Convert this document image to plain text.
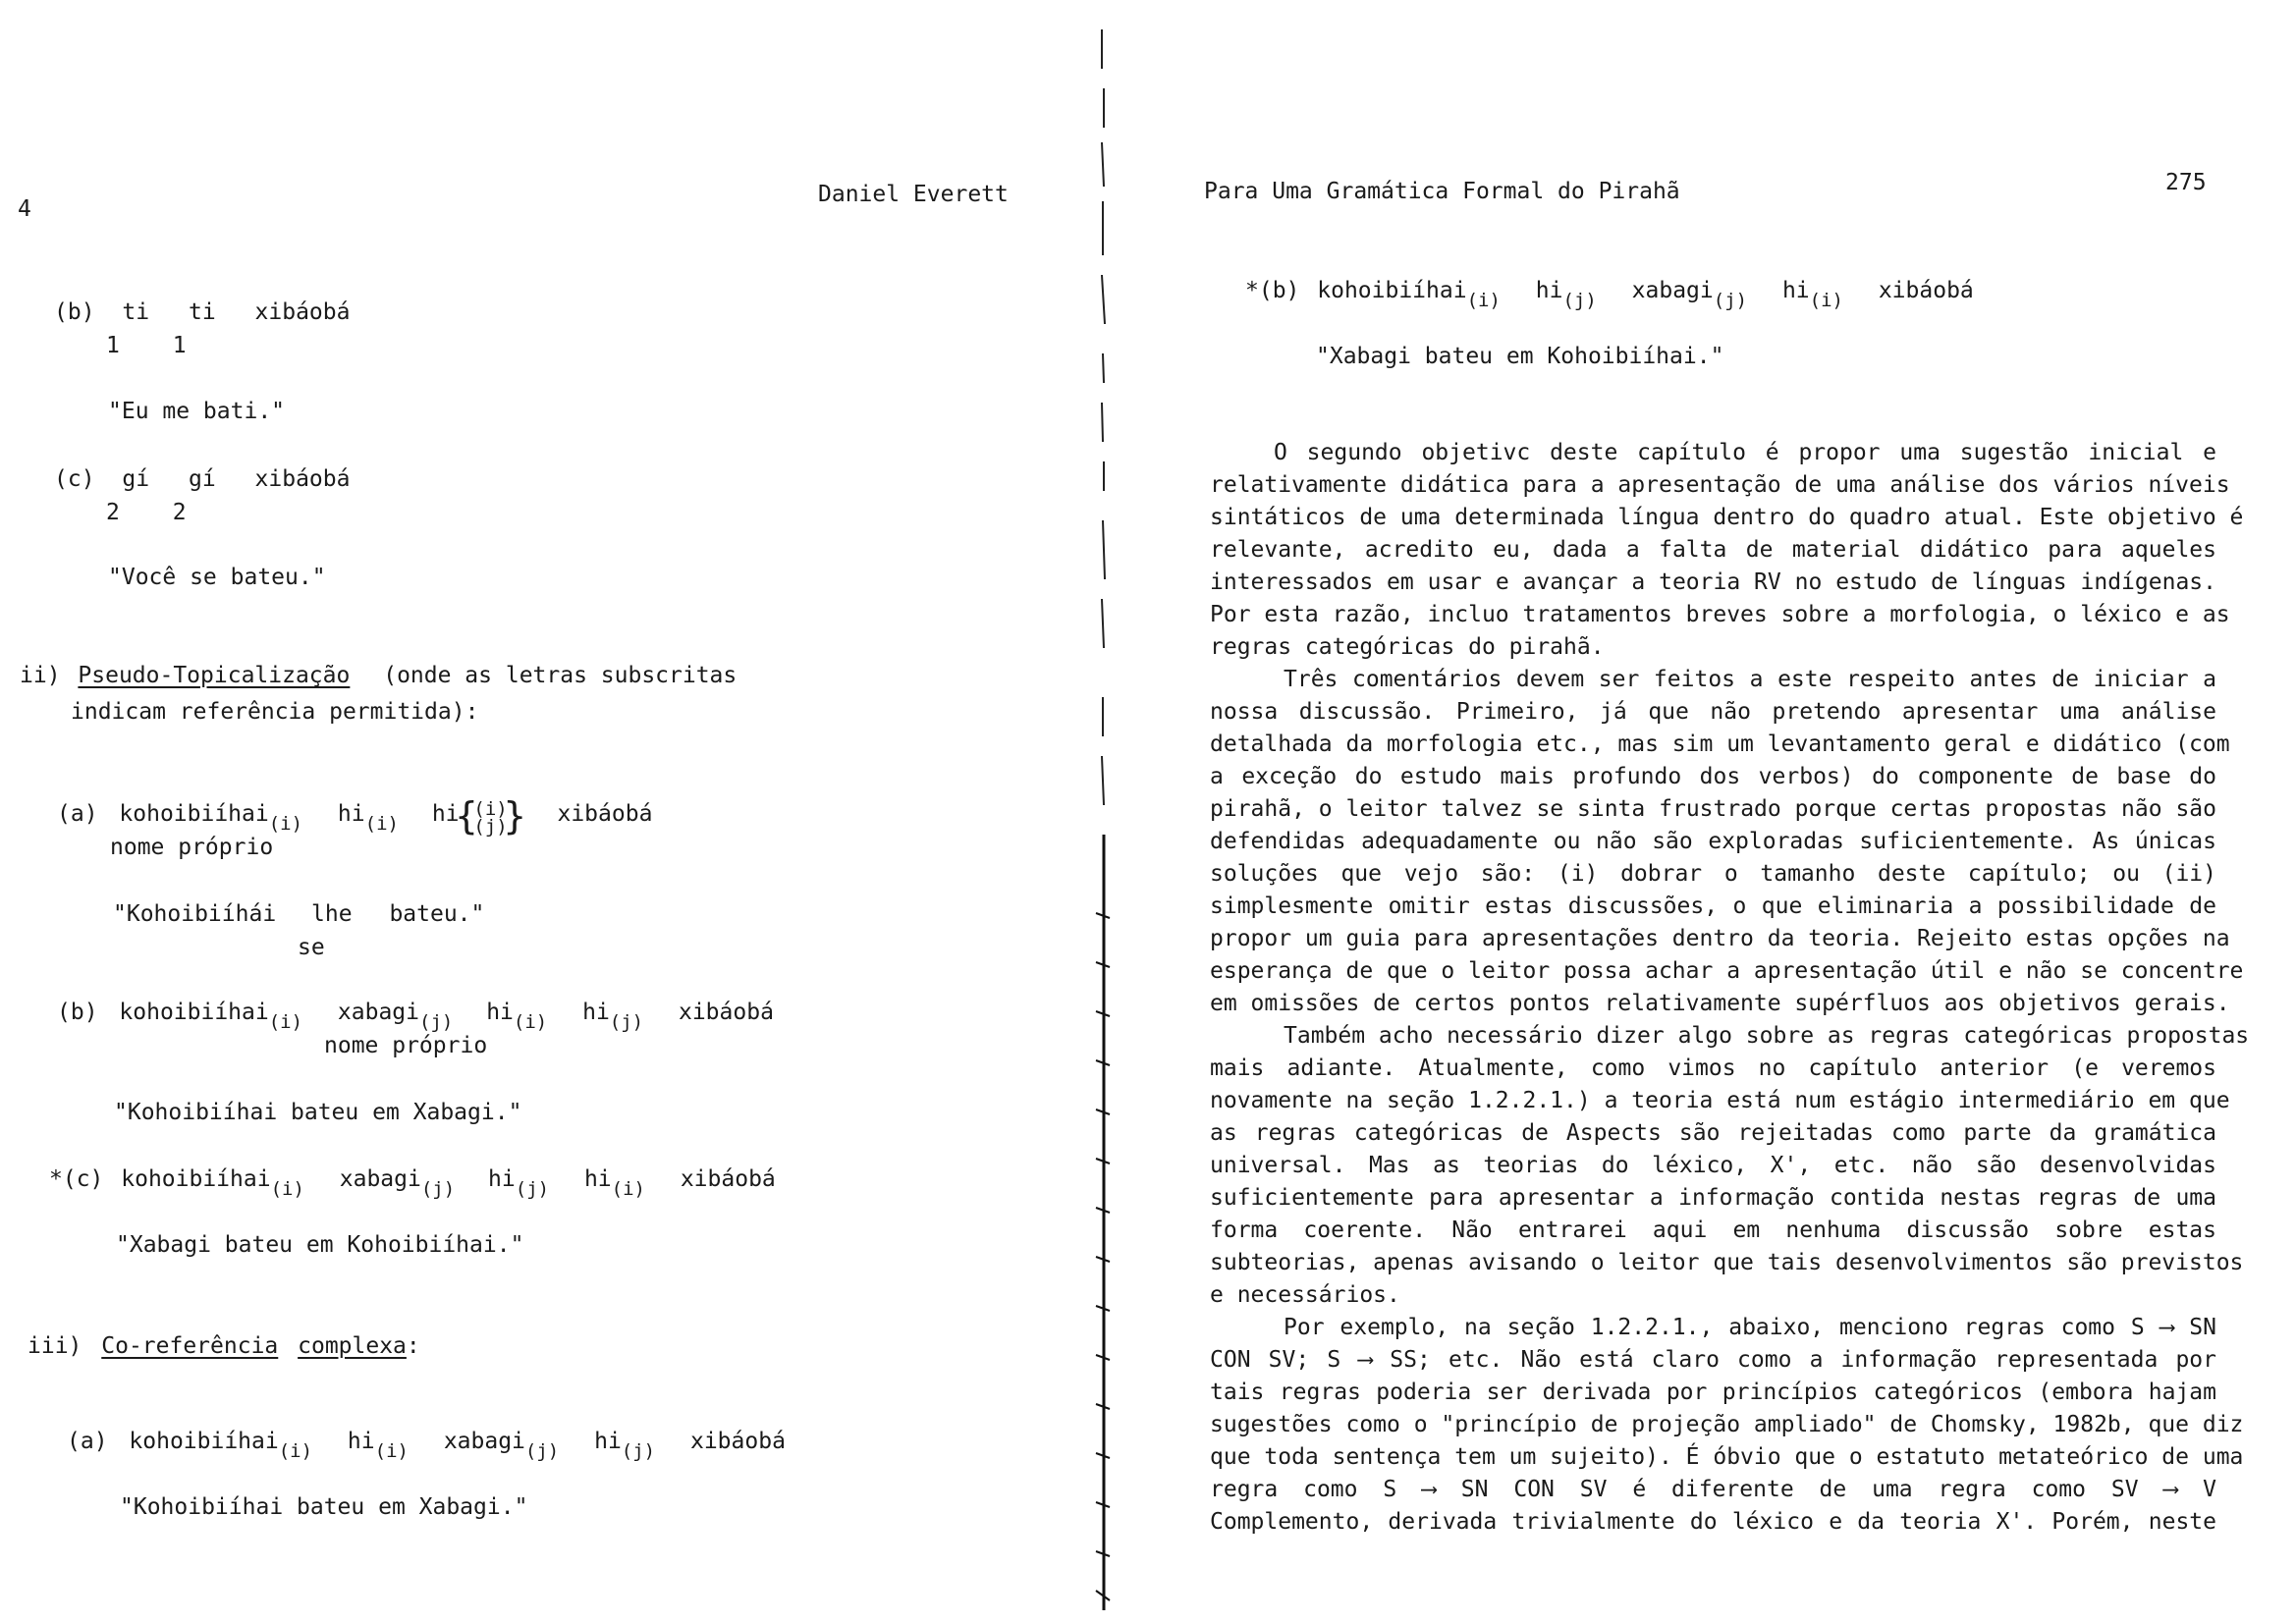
4
Daniel Everett
(b) ti ti xibáobá
1 1
"Eu me bati."
(c) gí gí xibáobá
2 2
"Você se bateu."
ii) Pseudo-Topicalização (onde as letras subscritas
indicam referência permitida):
(a) kohoibiíhai$_{(i)}$ $hi_{(i)}$ hi{(i)
(j)} xibáobá
nome próprio
"Kohoibiíhái lhe bateu."
se
(b) kohoibiíhai$_{(i)}$ xabagi$_{(j)}$ $hi_{(i)}$ $hi_{(j)}$ xibáobá
nome próprio
"Kohoibiíhai bateu em Xabagi."
*(c) kohoibiíhai$_{(i)}$ xabagi$_{(j)}$ $hi_{(j)}$ $hi_{(i)}$ xibáobá
"Xabagi bateu em Kohoibiíhai."
iii) Co-referência complexa:
(a) kohoibiíhai$_{(i)}$ $hi_{(i)}$ xabagi$_{(j)}$ $hi_{(j)}$ xibáobá
"Kohoibiíhai bateu em Xabagi."
Para Uma Gramática Formal do Pirahã	275
*(b) kohoibiíhai$_{(i)}$ $hi_{(j)}$ xabagi$_{(j)}$ $hi_{(i)}$ xibáobá
"Xabagi bateu em Kohoibiíhai."
O segundo objetivc deste capítulo é propor uma sugestão inicial e
relativamente didática para a apresentação de uma análise dos vários níveis
sintáticos de uma determinada língua dentro do quadro atual. Este objetivo é
relevante, acredito eu, dada a falta de material didático para aqueles
interessados em usar e avançar a teoria RV no estudo de línguas indígenas.
Por esta razão, incluo tratamentos breves sobre a morfologia, o léxico e as
regras categóricas do pirahã.
Três comentários devem ser feitos a este respeito antes de iniciar a
nossa discussão. Primeiro, já que não pretendo apresentar uma análise
detalhada da morfologia etc., mas sim um levantamento geral e didático (com
a exceção do estudo mais profundo dos verbos) do componente de base do
pirahã, o leitor talvez se sinta frustrado porque certas propostas não são
defendidas adequadamente ou não são exploradas suficientemente. As únicas
soluções que vejo são: (i) dobrar o tamanho deste capítulo; ou (ii)
simplesmente omitir estas discussões, o que eliminaria a possibilidade de
propor um guia para apresentações dentro da teoria. Rejeito estas opções na
esperança de que o leitor possa achar a apresentação útil e não se concentre
em omissões de certos pontos relativamente supérfluos aos objetivos gerais.
Também acho necessário dizer algo sobre as regras categóricas propostas
mais adiante. Atualmente, como vimos no capítulo anterior (e veremos
novamente na seção 1.2.2.1.) a teoria está num estágio intermediário em que
as regras categóricas de Aspects são rejeitadas como parte da gramática
universal. Mas as teorias do léxico, X', etc. não são desenvolvidas
suficientemente para apresentar a informação contida nestas regras de uma
forma coerente. Não entrarei aqui em nenhuma discussão sobre estas
subteorias, apenas avisando o leitor que tais desenvolvimentos são previstos
e necessários.
Por exemplo, na seção 1.2.2.1., abaixo, menciono regras como S ⟶ SN
CON SV; S ⟶ SS; etc. Não está claro como a informação representada por
tais regras poderia ser derivada por princípios categóricos (embora hajam
sugestões como o "princípio de projeção ampliado" de Chomsky, 1982b, que diz
que toda sentença tem um sujeito). É óbvio que o estatuto metateórico de uma
regra como S ⟶ SN CON SV é diferente de uma regra como SV ⟶ V
Complemento, derivada trivialmente do léxico e da teoria X'. Porém, neste
